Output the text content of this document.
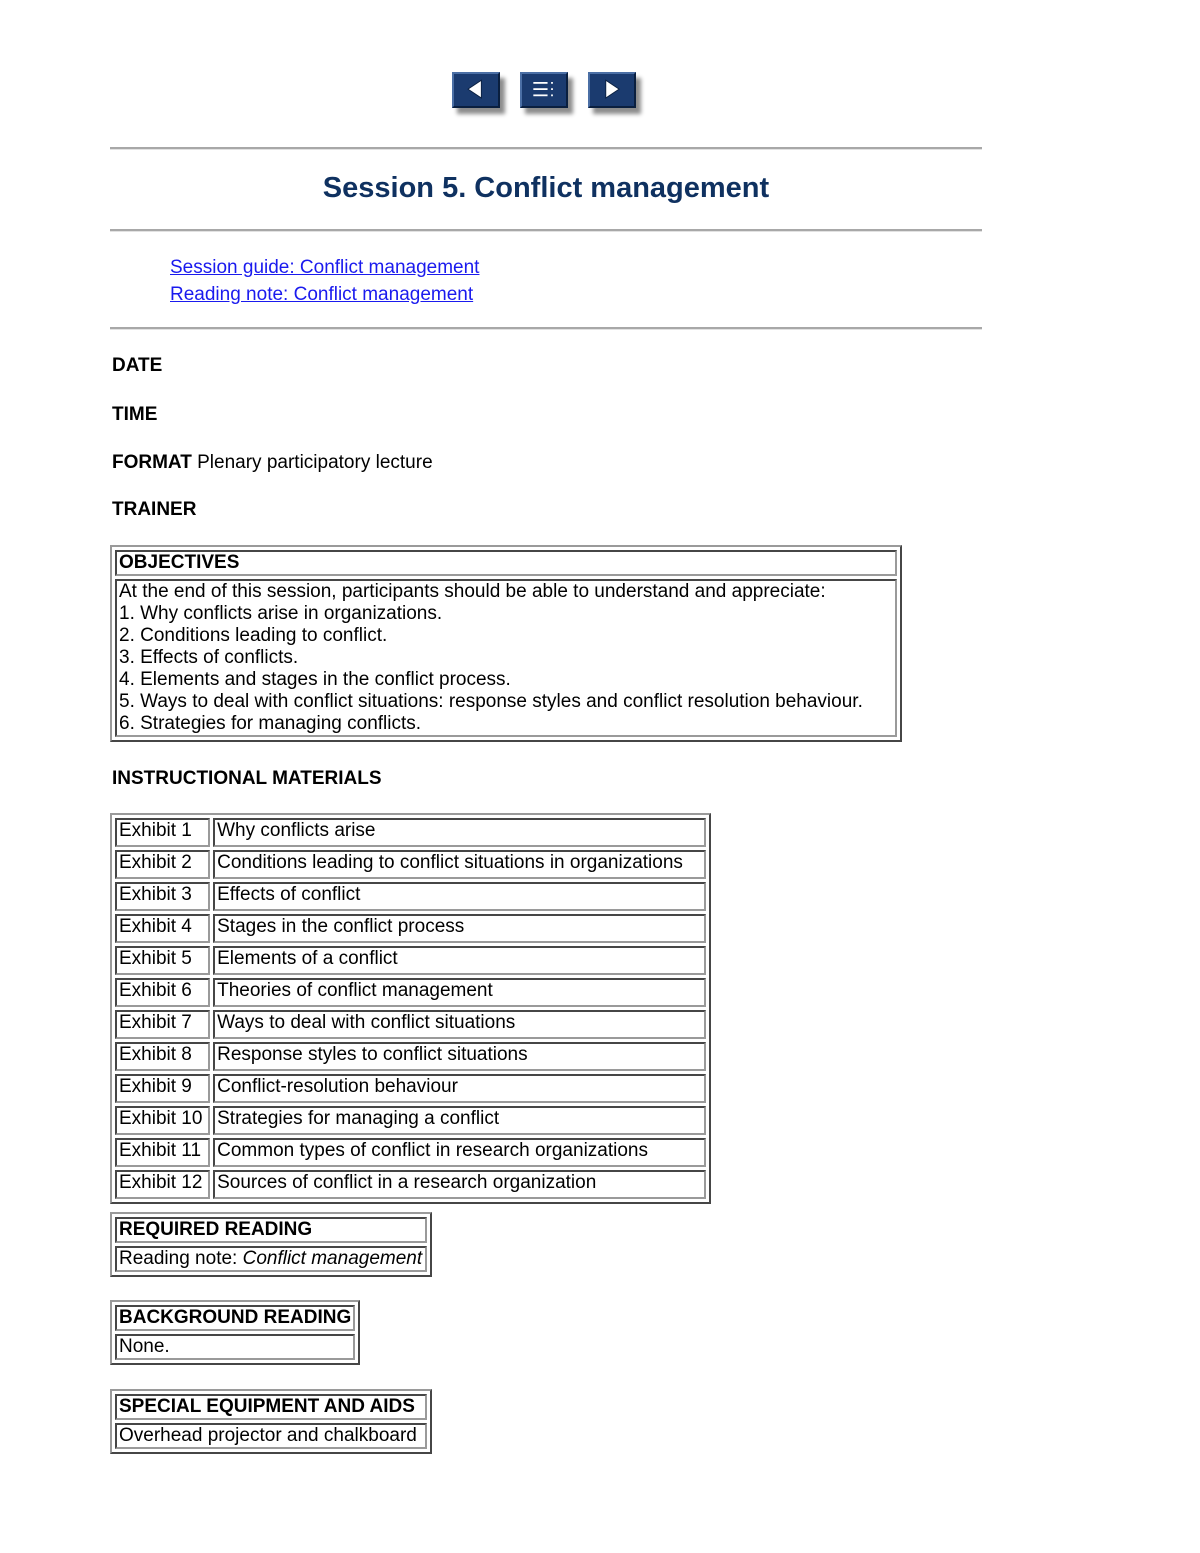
Session 5. Conflict management
Session guide: Conflict management
Reading note: Conflict management
DATE
TIME
FORMAT Plenary participatory lecture
TRAINER
OBJECTIVES

At the end of this session, participants should be able to understand and appreciate:
1. Why conflicts arise in organizations.
2. Conditions leading to conflict.
3. Effects of conflicts.
4. Elements and stages in the conflict process.
5. Ways to deal with conflict situations: response styles and conflict resolution behaviour.
6. Strategies for managing conflicts.
INSTRUCTIONAL MATERIALS
Exhibit 1	Why conflicts arise
Exhibit 2	Conditions leading to conflict situations in organizations
Exhibit 3	Effects of conflict
Exhibit 4	Stages in the conflict process
Exhibit 5	Elements of a conflict
Exhibit 6	Theories of conflict management
Exhibit 7	Ways to deal with conflict situations
Exhibit 8	Response styles to conflict situations
Exhibit 9	Conflict-resolution behaviour
Exhibit 10	Strategies for managing a conflict
Exhibit 11	Common types of conflict in research organizations
Exhibit 12	Sources of conflict in a research organization
REQUIRED READING
Reading note: Conflict management
BACKGROUND READING
None.
SPECIAL EQUIPMENT AND AIDS
Overhead projector and chalkboard
